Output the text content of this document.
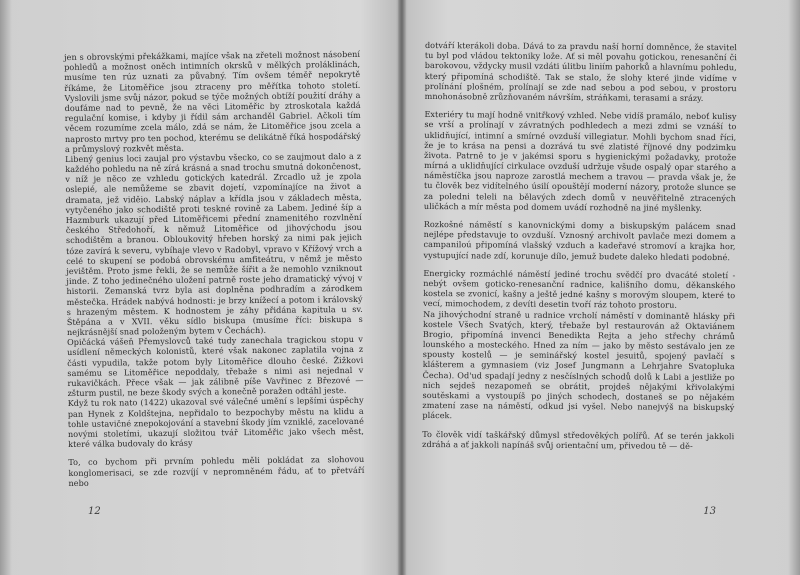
jen s obrovskými překážkami, majíce však na zřeteli možnost násobení pohledů a možnost oněch intimních okrsků v mělkých proláklinách, musíme ten rúz uznati za půvabný. Tím ovšem téměř nepokrytě říkáme, že Litoměřice jsou ztraceny pro měřítka tohoto století. Vyslovili jsme svůj názor, pokud se týče možných obtíží použití dráhy a doufáme nad to pevně, že na věci Litoměřic by ztroskotala každá regulační komise, i kdyby ji řídil sám archanděl Gabriel. Ačkoli tím věcem rozumíme zcela málo, zdá se nám, že Litoměřice jsou zcela a naprosto mrtvy pro ten pochod, kterému se delikátně říká hospodářský a průmyslový rozkvět města.

Libený genius loci zaujal pro výstavbu všecko, co se zaujmout dalo a z každého pohledu na ně zírá krásná a snad trochu smutná dokončenost, v níž je něco ze vzhledu gotických katedrál. Zrcadlo už je zpola oslepié, ale nemůžeme se zbavit dojetí, vzpomínajíce na život a dramata, jež viděio. Labský náplav a křídla jsou v základech města, vytyčeného jako schodiště proti teskné rovině za Labem. Jediné šíp a Hazmburk ukazují před Litoměřicemi přední znamenitého rozvlnění českého Středohoří, k němuž Litoměřice od jihovýchodu jsou schodištěm a branou. Obloukovitý hřeben horský za nimi pak jejich tóze zavírá k severu, vybíhaje vlevo v Radobyl, vpravo v Křížový vrch a celé to skupení se podobá obrovskému amfiteátru, v němž je město jevištěm. Proto jsme řekli, že se nemůže šířit a že nemohlo vzniknout jinde. Z toho jedinečného uložení patrně roste jeho dramatický vývoj v historii. Zemanská tvrz byla asi doplněna podhradím a zárodkem městečka. Hrádek nabývá hodnosti: je brzy knížecí a potom i královský s hrazeným městem. K hodnostem je záhy přidána kapitula u sv. Štěpána a v XVII. věku sídlo biskupa (musíme říci: biskupa s nejkrásnější snad položeným bytem v Čechách).

Opičácká vášeň Přemyslovců také tudy zanechala tragickou stopu v usídlení německých kolonistů, které však nakonec zaplatila vojna z části vypudila, takže potom byly Litoměřice dlouho české. Žižkovi samému se Litoměřice nepoddaly, třebaže s nimi asi nejednal v rukavičkách. Přece však — jak zálibně píše Vavřinec z Březové — zšturm pustil, ne beze škody svých a konečně poražen odtáhl jeste.

Když tu rok nato (1422) ukazoval své válečné umění s lepšími úspěchy pan Hynek z Koldštejna, nepřidalo to bezpochyby městu na klidu a tohle ustavičné znepokojování a stavební škody jím vzniklé, zacelované novými stoletími, ukazují složitou tvář Litoměřic jako všech měst, které válka budovaly do krásy

To, co bychom při prvním pohledu měli pokládat za slohovou konglomerisaci, se zde rozvíjí v nepromněném řádu, ať to přetváří nebo

12

dotváří kterákoli doba. Dává to za pravdu naší horní domněnce, že stavitel tu byl pod vládou tektoniky lože. Ať si měl povahu gotickou, renesanční či barokovou, vždycky musil vzdáti úlitbu liniím pahorků a hlavnímu pohledu, který připomíná schodiště. Tak se stalo, že slohy které jinde vidíme v prolínání plošném, prolínají se zde nad sebou a pod sebou, v prostoru mnohonásobně zrůzňovaném návrším, stráňkami, terasami a srázy.

Exteriéry tu mají hodně vnitřkový vzhled. Nebe vidíš pramálo, neboť kulisy se vrší a prolínají v závratných podhledech a mezi zdmi se vznáší to uklidňující, intimní a smírné ovzduší villegiatur. Mohli bychom snad říci, že je to krása na pensi a dozrává tu své zlatisté říjnové dny podzimku života. Patrně to je v jakémsi sporu s hygienickými požadavky, protože mírná a uklidňující cirkulace ovzduší udržuje všude ospalý opar starého a náměstíčka jsou naproze zarostlá mechem a travou — pravda však je, že tu člověk bez vidítelného úsilí opouštějí moderní názory, protože slunce se za poledni teleli na bělavých zdech domů v neuvěřitelně ztracených uličkách a mír města pod domem uvádí rozhodně na jiné myšlenky.

Rozkošné náměstí s kanovnickými domy a biskupským palácem snad nejlépe představuje to ovzduší. Vznosný archivolt pavlače mezi domem a campaniloú připomíná vlašský vzduch a kadeřavé stromoví a krajka hor, vystupující nade zdí, korunuje dílo, jemuž budete daleko hledati podobné.

Energicky rozmáchlé náměstí jediné trochu svědčí pro dvacáté století - nebýt ovšem goticko-renesanční radnice, kališního domu, děkanského kostela se zvonicí, kašny a ještě jedné kašny s morovým sloupem, které to vecí, mimochodem, z devíti desetin tvoří ráz tohoto prostoru.

Na jihovýchodní straně u radnice vrcholí náměstí v dominantě hlásky při kostele Všech Svatých, který, třebaže byl restaurován až Oktaviánem Brogio, připomíná invenci Benedikta Rejta a jeho střechy chrámů lounského a mosteckého. Hned za ním — jako by město sestávalo jen ze spousty kostelů — je seminářský kostel jesuitů, spojený pavlačí s klášterem a gymnasiem (viz Josef Jungmann a Lehrjahre Svatopluka Čecha). Od'ud spadají jedny z nesčíslných schodů dolů k Labi a jestliže po nich sejdeš nezapomeň se obrátit, projdeš nějakými křivolakými soutěskami a vystoupíš po jiných schodech, dostaneš se po nějakém zmatení zase na náměstí, odkud jsi vyšel. Nebo nanejvýš na biskupský plácek.

To člověk vidí taškářský důmysl středověkých polířů. Ať se terén jakkoli zdráhá a ať jakkoli napínáš svůj orientační um, přivedou tě — dě-

13
